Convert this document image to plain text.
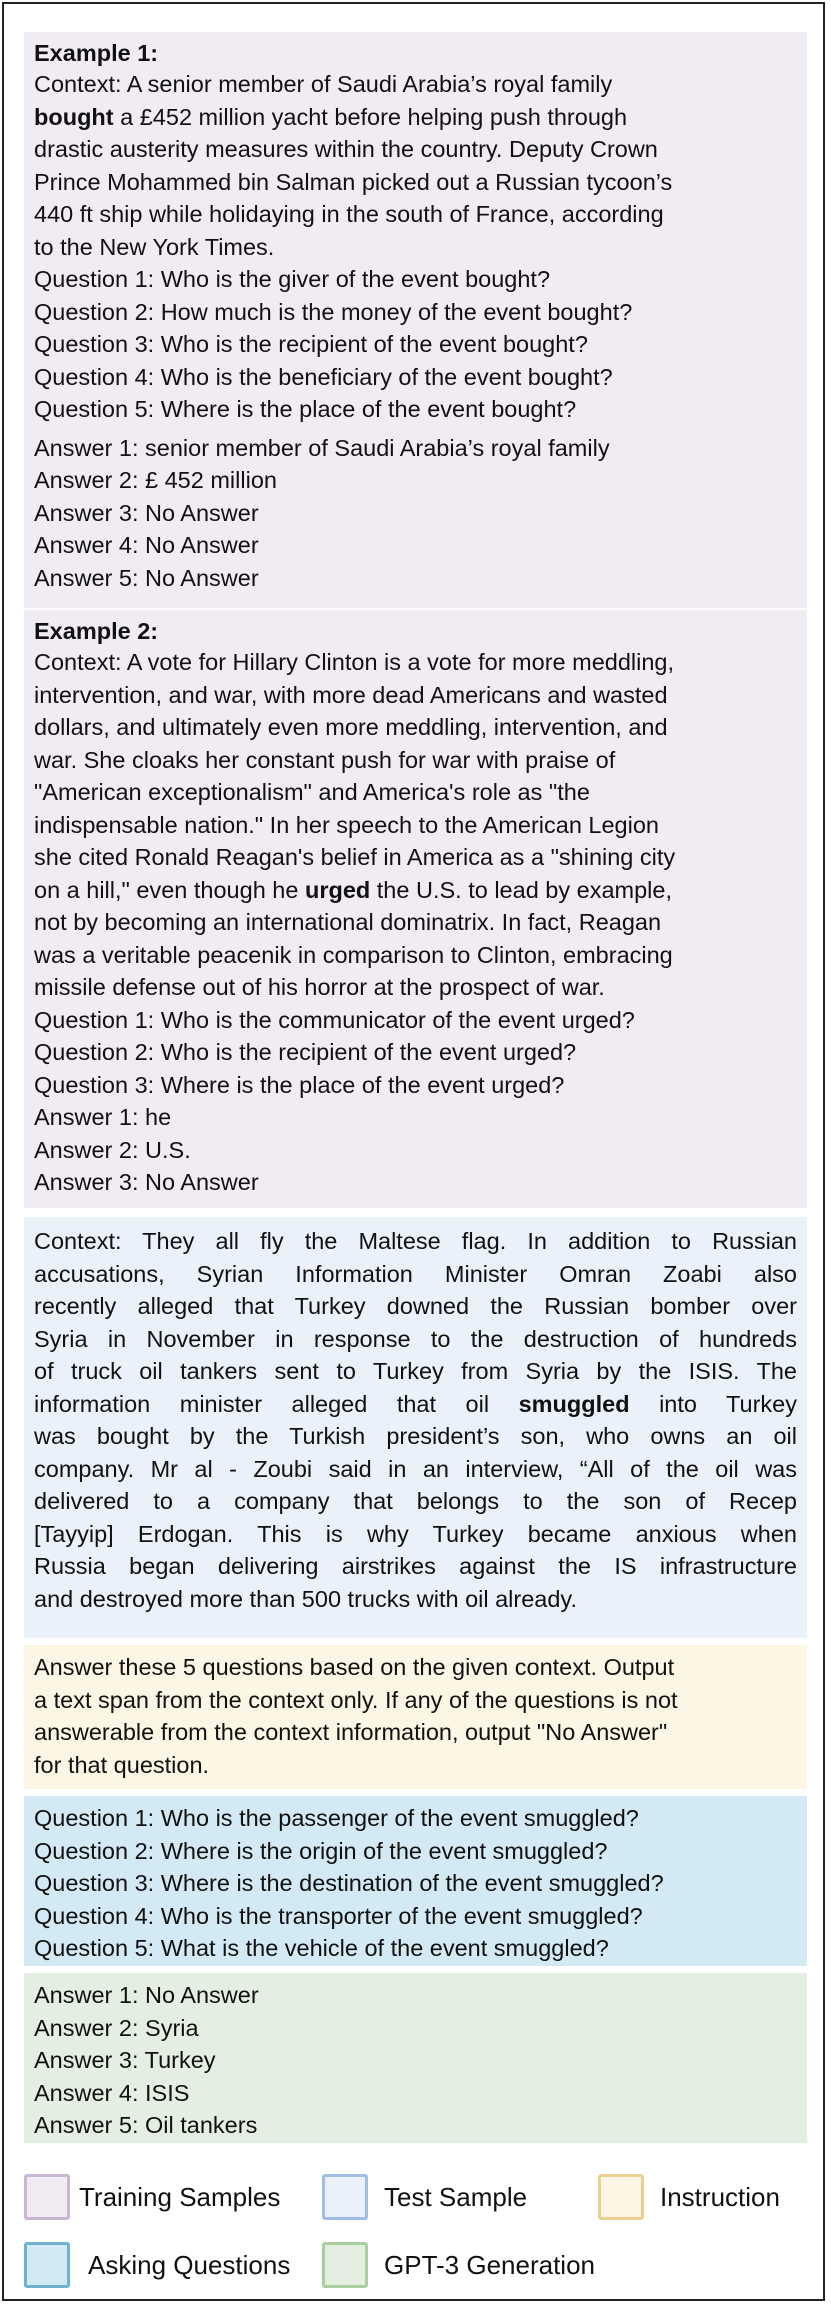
Example 1:
Context: A senior member of Saudi Arabia’s royal family
bought a £452 million yacht before helping push through
drastic austerity measures within the country. Deputy Crown
Prince Mohammed bin Salman picked out a Russian tycoon’s
440 ft ship while holidaying in the south of France, according
to the New York Times.
Question 1: Who is the giver of the event bought?
Question 2: How much is the money of the event bought?
Question 3: Who is the recipient of the event bought?
Question 4: Who is the beneficiary of the event bought?
Question 5: Where is the place of the event bought?
Answer 1: senior member of Saudi Arabia’s royal family
Answer 2: £ 452 million
Answer 3: No Answer
Answer 4: No Answer
Answer 5: No Answer
Example 2:
Context: A vote for Hillary Clinton is a vote for more meddling,
intervention, and war, with more dead Americans and wasted
dollars, and ultimately even more meddling, intervention, and
war. She cloaks her constant push for war with praise of
"American exceptionalism" and America's role as "the
indispensable nation." In her speech to the American Legion
she cited Ronald Reagan's belief in America as a "shining city
on a hill," even though he urged the U.S. to lead by example,
not by becoming an international dominatrix. In fact, Reagan
was a veritable peacenik in comparison to Clinton, embracing
missile defense out of his horror at the prospect of war.
Question 1: Who is the communicator of the event urged?
Question 2: Who is the recipient of the event urged?
Question 3: Where is the place of the event urged?
Answer 1: he
Answer 2: U.S.
Answer 3: No Answer
Context: They all fly the Maltese flag. In addition to Russian
accusations, Syrian Information Minister Omran Zoabi also
recently alleged that Turkey downed the Russian bomber over
Syria in November in response to the destruction of hundreds
of truck oil tankers sent to Turkey from Syria by the ISIS. The
information minister alleged that oil smuggled into Turkey
was bought by the Turkish president’s son, who owns an oil
company. Mr al - Zoubi said in an interview, “All of the oil was
delivered to a company that belongs to the son of Recep
[Tayyip] Erdogan. This is why Turkey became anxious when
Russia began delivering airstrikes against the IS infrastructure
and destroyed more than 500 trucks with oil already.
Answer these 5 questions based on the given context. Output
a text span from the context only. If any of the questions is not
answerable from the context information, output "No Answer"
for that question.
Question 1: Who is the passenger of the event smuggled?
Question 2: Where is the origin of the event smuggled?
Question 3: Where is the destination of the event smuggled?
Question 4: Who is the transporter of the event smuggled?
Question 5: What is the vehicle of the event smuggled?
Answer 1: No Answer
Answer 2: Syria
Answer 3: Turkey
Answer 4: ISIS
Answer 5: Oil tankers
Training Samples	Test Sample	Instruction
Asking Questions	GPT-3 Generation
